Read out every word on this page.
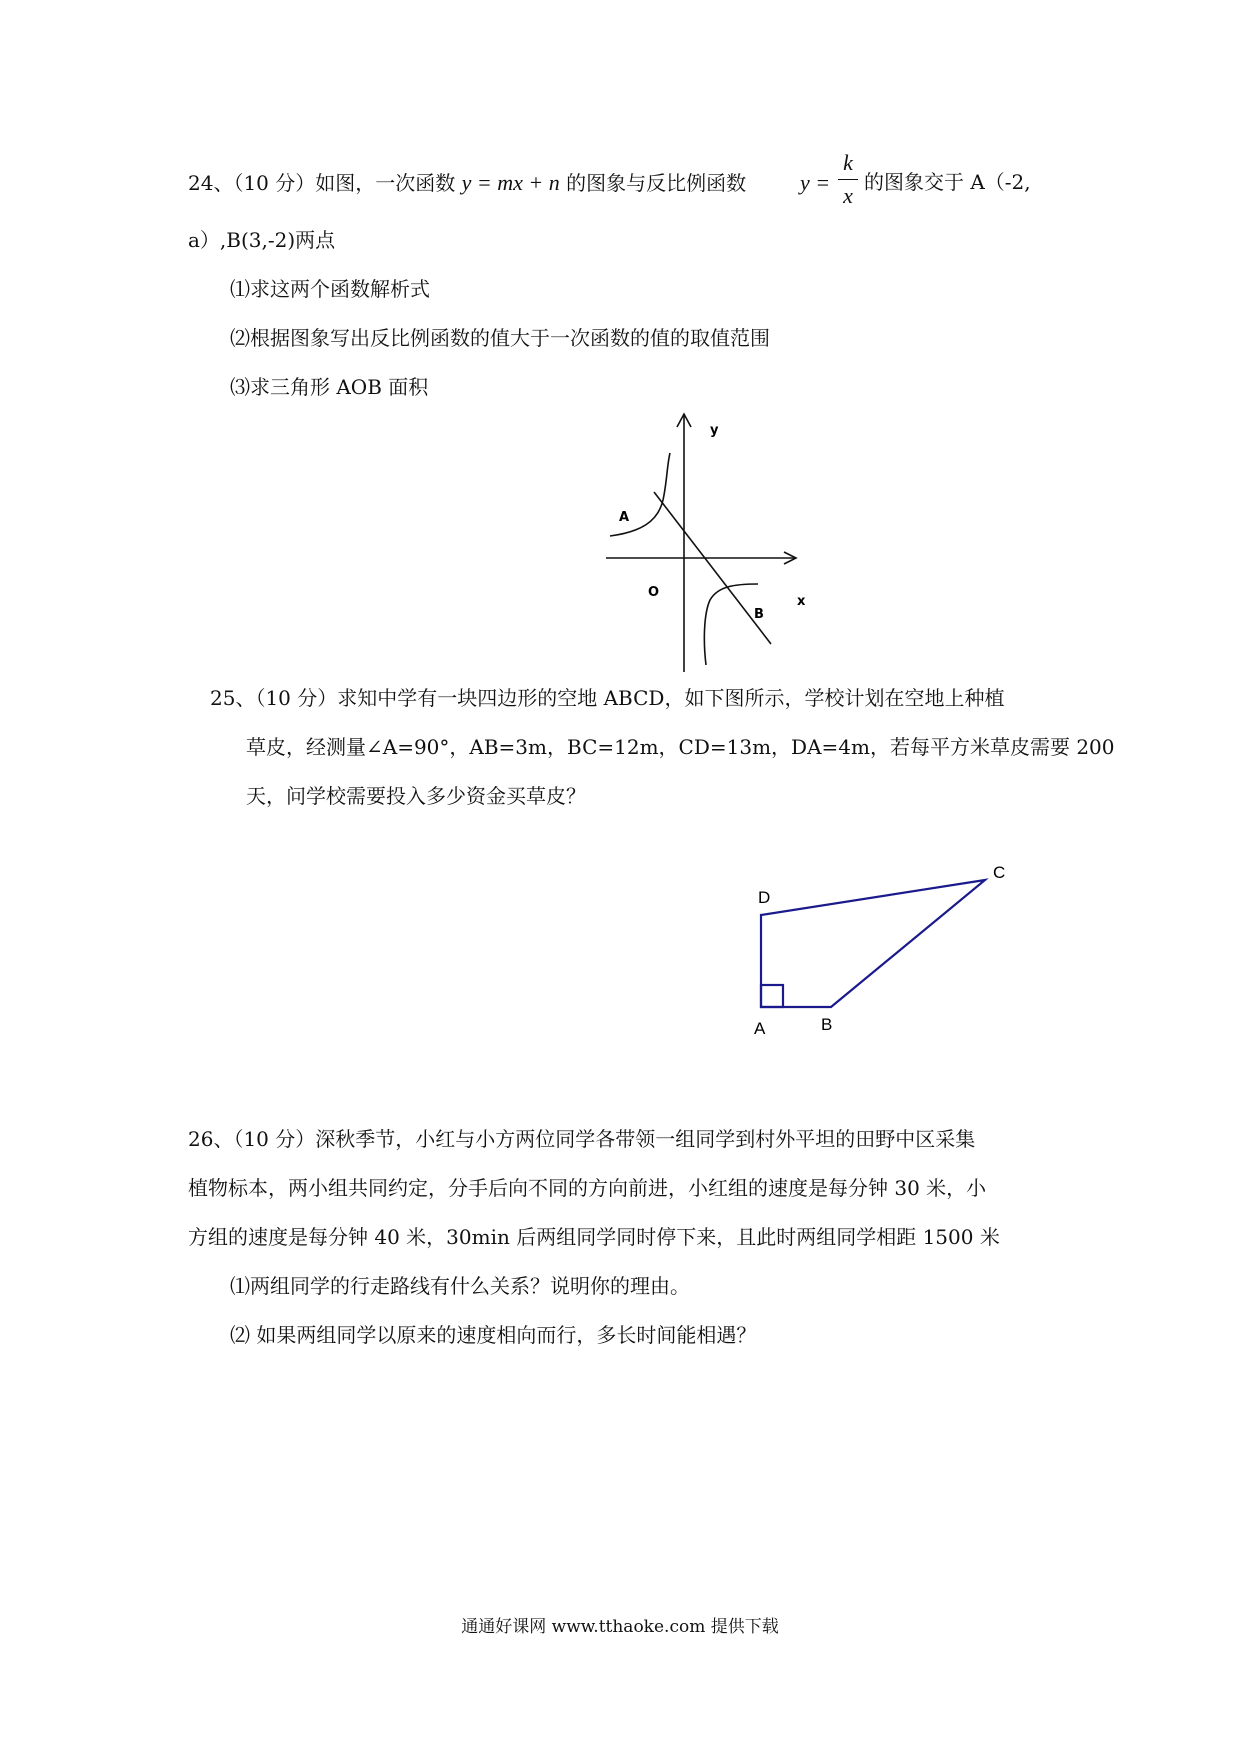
24、（10 分）如图，一次函数 y = mx + n 的图象与反比例函数 y =
k
x
的图象交于 A（-2,
a）,B(3,-2)两点
⑴求这两个函数解析式
⑵根据图象写出反比例函数的值大于一次函数的值的取值范围
⑶求三角形 AOB 面积
y
A
O
x
B
25、（10 分）求知中学有一块四边形的空地 ABCD，如下图所示，学校计划在空地上种植
草皮，经测量∠A=90°，AB=3m，BC=12m，CD=13m，DA=4m，若每平方米草皮需要 200
天，问学校需要投入多少资金买草皮？
D
C
A	B
26、（10 分）深秋季节，小红与小方两位同学各带领一组同学到村外平坦的田野中区采集
植物标本，两小组共同约定，分手后向不同的方向前进，小红组的速度是每分钟 30 米，小
方组的速度是每分钟 40 米，30min 后两组同学同时停下来，且此时两组同学相距 1500 米
⑴两组同学的行走路线有什么关系？说明你的理由。
⑵ 如果两组同学以原来的速度相向而行，多长时间能相遇？
通通好课网 www.tthaoke.com 提供下载
